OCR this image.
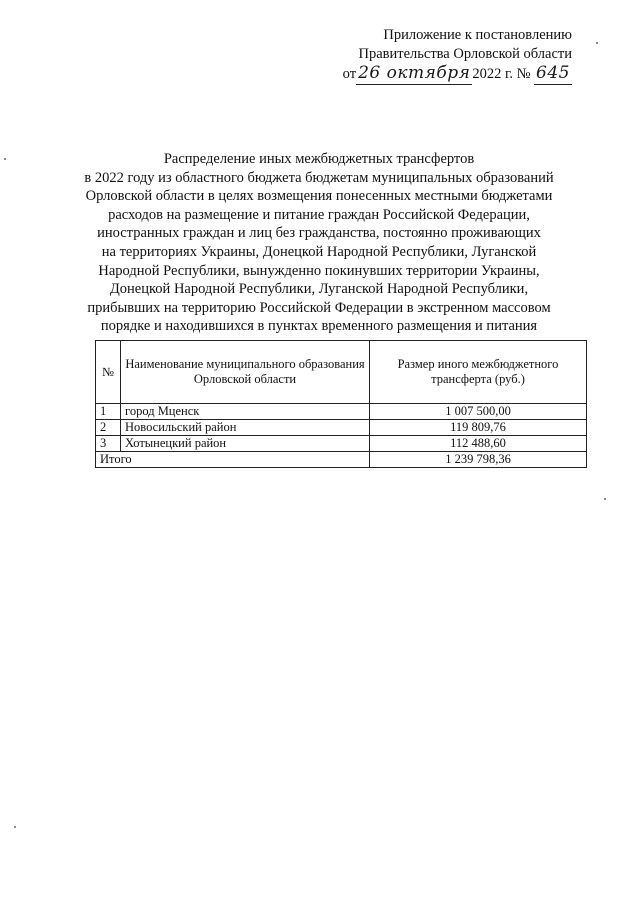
Приложение к постановлению
Правительства Орловской области
от 26 октября 2022 г. № 645
Распределение иных межбюджетных трансфертов
в 2022 году из областного бюджета бюджетам муниципальных образований
Орловской области в целях возмещения понесенных местными бюджетами
расходов на размещение и питание граждан Российской Федерации,
иностранных граждан и лиц без гражданства, постоянно проживающих
на территориях Украины, Донецкой Народной Республики, Луганской
Народной Республики, вынужденно покинувших территории Украины,
Донецкой Народной Республики, Луганской Народной Республики,
прибывших на территорию Российской Федерации в экстренном массовом
порядке и находившихся в пунктах временного размещения и питания
№	Наименование муниципального образования Орловской области	Размер иного межбюджетного трансферта (руб.)
1	город Мценск	1 007 500,00
2	Новосильский район	119 809,76
3	Хотынецкий район	112 488,60
Итого		1 239 798,36
